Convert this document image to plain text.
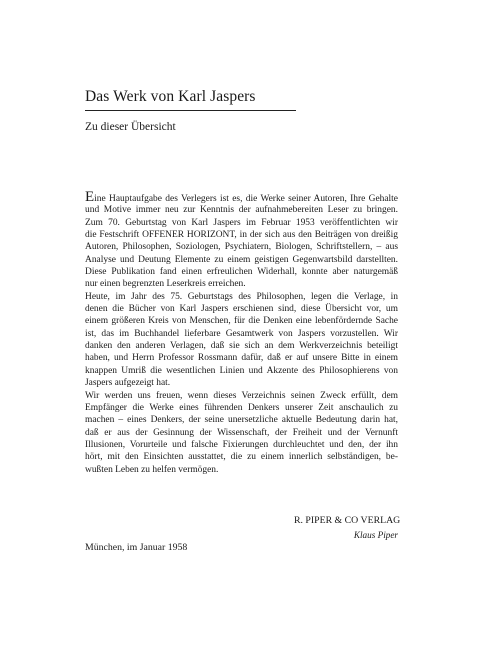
Das Werk von Karl Jaspers
Zu dieser Übersicht
Eine Hauptaufgabe des Verlegers ist es, die Werke seiner Autoren, Ihre Gehalte
und Motive immer neu zur Kenntnis der aufnahmebereiten Leser zu bringen.
Zum 70. Geburtstag von Karl Jaspers im Februar 1953 veröffentlichten wir
die Festschrift OFFENER HORIZONT, in der sich aus den Beiträgen von dreißig
Autoren, Philosophen, Soziologen, Psychiatern, Biologen, Schriftstellern, – aus
Analyse und Deutung Elemente zu einem geistigen Gegenwartsbild darstellten.
Diese Publikation fand einen erfreulichen Widerhall, konnte aber naturgemäß
nur einen begrenzten Leserkreis erreichen.
Heute, im Jahr des 75. Geburtstags des Philosophen, legen die Verlage, in
denen die Bücher von Karl Jaspers erschienen sind, diese Übersicht vor, um
einem größeren Kreis von Menschen, für die Denken eine lebenfördernde Sache
ist, das im Buchhandel lieferbare Gesamtwerk von Jaspers vorzustellen. Wir
danken den anderen Verlagen, daß sie sich an dem Werkverzeichnis beteiligt
haben, und Herrn Professor Rossmann dafür, daß er auf unsere Bitte in einem
knappen Umriß die wesentlichen Linien und Akzente des Philosophierens von
Jaspers aufgezeigt hat.
Wir werden uns freuen, wenn dieses Verzeichnis seinen Zweck erfüllt, dem
Empfänger die Werke eines führenden Denkers unserer Zeit anschaulich zu
machen – eines Denkers, der seine unersetzliche aktuelle Bedeutung darin hat,
daß er aus der Gesinnung der Wissenschaft, der Freiheit und der Vernunft
Illusionen, Vorurteile und falsche Fixierungen durchleuchtet und den, der ihn
hört, mit den Einsichten ausstattet, die zu einem innerlich selbständigen, be-
wußten Leben zu helfen vermögen.
R. PIPER & CO VERLAG
Klaus Piper
München, im Januar 1958
